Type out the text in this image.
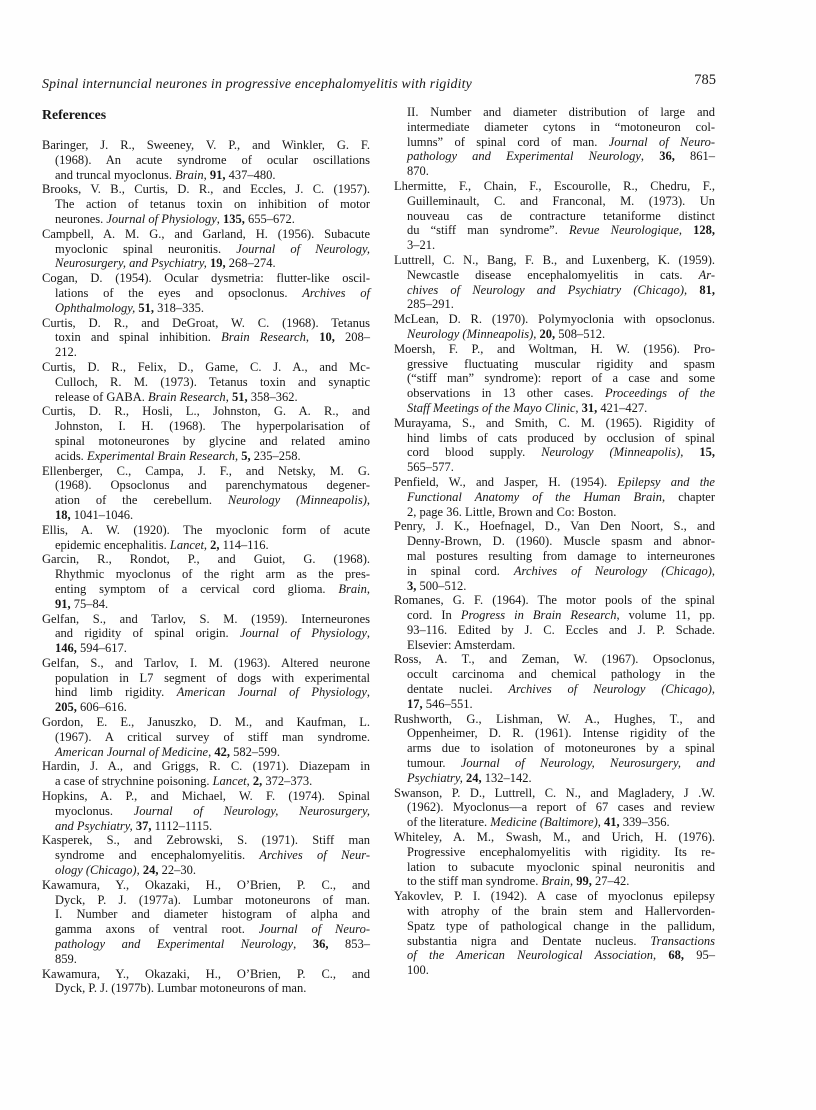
Spinal internuncial neurones in progressive encephalomyelitis with rigidity	785
References
Baringer, J. R., Sweeney, V. P., and Winkler, G. F.
(1968). An acute syndrome of ocular oscillations
and truncal myoclonus. Brain, 91, 437–480.
Brooks, V. B., Curtis, D. R., and Eccles, J. C. (1957).
The action of tetanus toxin on inhibition of motor
neurones. Journal of Physiology, 135, 655–672.
Campbell, A. M. G., and Garland, H. (1956). Subacute
myoclonic spinal neuronitis. Journal of Neurology,
Neurosurgery, and Psychiatry, 19, 268–274.
Cogan, D. (1954). Ocular dysmetria: flutter-like oscil-
lations of the eyes and opsoclonus. Archives of
Ophthalmology, 51, 318–335.
Curtis, D. R., and DeGroat, W. C. (1968). Tetanus
toxin and spinal inhibition. Brain Research, 10, 208–
212.
Curtis, D. R., Felix, D., Game, C. J. A., and Mc-
Culloch, R. M. (1973). Tetanus toxin and synaptic
release of GABA. Brain Research, 51, 358–362.
Curtis, D. R., Hosli, L., Johnston, G. A. R., and
Johnston, I. H. (1968). The hyperpolarisation of
spinal motoneurones by glycine and related amino
acids. Experimental Brain Research, 5, 235–258.
Ellenberger, C., Campa, J. F., and Netsky, M. G.
(1968). Opsoclonus and parenchymatous degener-
ation of the cerebellum. Neurology (Minneapolis),
18, 1041–1046.
Ellis, A. W. (1920). The myoclonic form of acute
epidemic encephalitis. Lancet, 2, 114–116.
Garcin, R., Rondot, P., and Guiot, G. (1968).
Rhythmic myoclonus of the right arm as the pres-
enting symptom of a cervical cord glioma. Brain,
91, 75–84.
Gelfan, S., and Tarlov, S. M. (1959). Interneurones
and rigidity of spinal origin. Journal of Physiology,
146, 594–617.
Gelfan, S., and Tarlov, I. M. (1963). Altered neurone
population in L7 segment of dogs with experimental
hind limb rigidity. American Journal of Physiology,
205, 606–616.
Gordon, E. E., Januszko, D. M., and Kaufman, L.
(1967). A critical survey of stiff man syndrome.
American Journal of Medicine, 42, 582–599.
Hardin, J. A., and Griggs, R. C. (1971). Diazepam in
a case of strychnine poisoning. Lancet, 2, 372–373.
Hopkins, A. P., and Michael, W. F. (1974). Spinal
myoclonus. Journal of Neurology, Neurosurgery,
and Psychiatry, 37, 1112–1115.
Kasperek, S., and Zebrowski, S. (1971). Stiff man
syndrome and encephalomyelitis. Archives of Neur-
ology (Chicago), 24, 22–30.
Kawamura, Y., Okazaki, H., O’Brien, P. C., and
Dyck, P. J. (1977a). Lumbar motoneurons of man.
I. Number and diameter histogram of alpha and
gamma axons of ventral root. Journal of Neuro-
pathology and Experimental Neurology, 36, 853–
859.
Kawamura, Y., Okazaki, H., O’Brien, P. C., and
Dyck, P. J. (1977b). Lumbar motoneurons of man.
II. Number and diameter distribution of large and
intermediate diameter cytons in “motoneuron col-
lumns” of spinal cord of man. Journal of Neuro-
pathology and Experimental Neurology, 36, 861–
870.
Lhermitte, F., Chain, F., Escourolle, R., Chedru, F.,
Guilleminault, C. and Franconal, M. (1973). Un
nouveau cas de contracture tetaniforme distinct
du “stiff man syndrome”. Revue Neurologique, 128,
3–21.
Luttrell, C. N., Bang, F. B., and Luxenberg, K. (1959).
Newcastle disease encephalomyelitis in cats. Ar-
chives of Neurology and Psychiatry (Chicago), 81,
285–291.
McLean, D. R. (1970). Polymyoclonia with opsoclonus.
Neurology (Minneapolis), 20, 508–512.
Moersh, F. P., and Woltman, H. W. (1956). Pro-
gressive fluctuating muscular rigidity and spasm
(“stiff man” syndrome): report of a case and some
observations in 13 other cases. Proceedings of the
Staff Meetings of the Mayo Clinic, 31, 421–427.
Murayama, S., and Smith, C. M. (1965). Rigidity of
hind limbs of cats produced by occlusion of spinal
cord blood supply. Neurology (Minneapolis), 15,
565–577.
Penfield, W., and Jasper, H. (1954). Epilepsy and the
Functional Anatomy of the Human Brain, chapter
2, page 36. Little, Brown and Co: Boston.
Penry, J. K., Hoefnagel, D., Van Den Noort, S., and
Denny-Brown, D. (1960). Muscle spasm and abnor-
mal postures resulting from damage to interneurones
in spinal cord. Archives of Neurology (Chicago),
3, 500–512.
Romanes, G. F. (1964). The motor pools of the spinal
cord. In Progress in Brain Research, volume 11, pp.
93–116. Edited by J. C. Eccles and J. P. Schade.
Elsevier: Amsterdam.
Ross, A. T., and Zeman, W. (1967). Opsoclonus,
occult carcinoma and chemical pathology in the
dentate nuclei. Archives of Neurology (Chicago),
17, 546–551.
Rushworth, G., Lishman, W. A., Hughes, T., and
Oppenheimer, D. R. (1961). Intense rigidity of the
arms due to isolation of motoneurones by a spinal
tumour. Journal of Neurology, Neurosurgery, and
Psychiatry, 24, 132–142.
Swanson, P. D., Luttrell, C. N., and Magladery, J .W.
(1962). Myoclonus—a report of 67 cases and review
of the literature. Medicine (Baltimore), 41, 339–356.
Whiteley, A. M., Swash, M., and Urich, H. (1976).
Progressive encephalomyelitis with rigidity. Its re-
lation to subacute myoclonic spinal neuronitis and
to the stiff man syndrome. Brain, 99, 27–42.
Yakovlev, P. I. (1942). A case of myoclonus epilepsy
with atrophy of the brain stem and Hallervorden-
Spatz type of pathological change in the pallidum,
substantia nigra and Dentate nucleus. Transactions
of the American Neurological Association, 68, 95–
100.
